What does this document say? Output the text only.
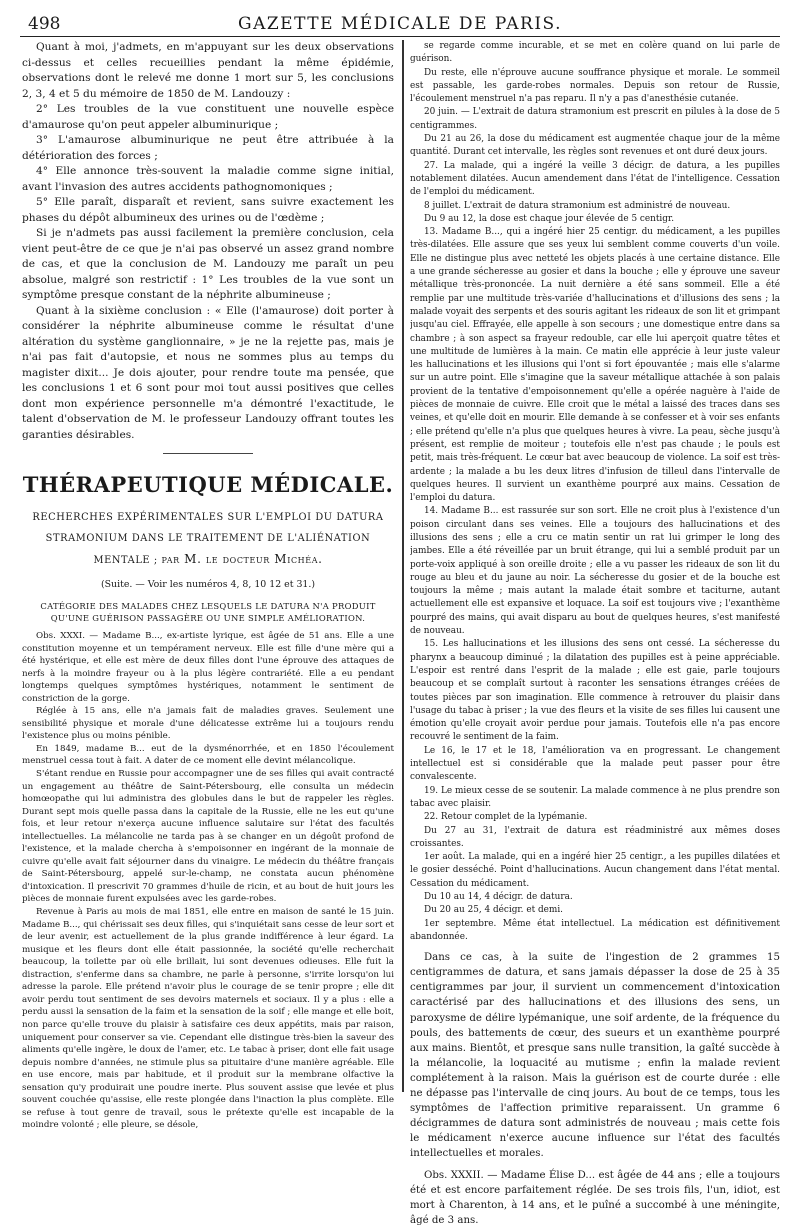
498	GAZETTE MÉDICALE DE PARIS.

Quant à moi, j'admets, en m'appuyant sur les deux observations ci-dessus et celles recueillies pendant la même épidémie, observations dont le relevé me donne 1 mort sur 5, les conclusions 2, 3, 4 et 5 du mémoire de 1850 de M. Landouzy :

2° Les troubles de la vue constituent une nouvelle espèce d'amaurose qu'on peut appeler albuminurique ;

3° L'amaurose albuminurique ne peut être attribuée à la détérioration des forces ;

4° Elle annonce très-souvent la maladie comme signe initial, avant l'invasion des autres accidents pathognomoniques ;

5° Elle paraît, disparaît et revient, sans suivre exactement les phases du dépôt albumineux des urines ou de l'œdème ;

Si je n'admets pas aussi facilement la première conclusion, cela vient peut-être de ce que je n'ai pas observé un assez grand nombre de cas, et que la conclusion de M. Landouzy me paraît un peu absolue, malgré son restrictif : 1° Les troubles de la vue sont un symptôme presque constant de la néphrite albumineuse ;

Quant à la sixième conclusion : « Elle (l'amaurose) doit porter à considérer la néphrite albumineuse comme le résultat d'une altération du système ganglionnaire, » je ne la rejette pas, mais je n'ai pas fait d'autopsie, et nous ne sommes plus au temps du magister dixit... Je dois ajouter, pour rendre toute ma pensée, que les conclusions 1 et 6 sont pour moi tout aussi positives que celles dont mon expérience personnelle m'a démontré l'exactitude, le talent d'observation de M. le professeur Landouzy offrant toutes les garanties désirables.

THÉRAPEUTIQUE MÉDICALE.
RECHERCHES EXPÉRIMENTALES SUR L'EMPLOI DU DATURA
STRAMONIUM DANS LE TRAITEMENT DE L'ALIÉNATION MENTALE ; par M. le docteur Michéa.
(Suite. — Voir les numéros 4, 8, 10 12 et 31.)
CATÉGORIE DES MALADES CHEZ LESQUELS LE DATURA N'A PRODUIT QU'UNE GUÉRISON PASSAGÈRE OU UNE SIMPLE AMÉLIORATION.

Obs. XXXI. — Madame B..., ex-artiste lyrique, est âgée de 51 ans. Elle a une constitution moyenne et un tempérament nerveux. Elle est fille d'une mère qui a été hystérique, et elle est mère de deux filles dont l'une éprouve des attaques de nerfs à la moindre frayeur ou à la plus légère contrariété. Elle a eu pendant longtemps quelques symptômes hystériques, notamment le sentiment de constriction de la gorge.

Réglée à 15 ans, elle n'a jamais fait de maladies graves. Seulement une sensibilité physique et morale d'une délicatesse extrême lui a toujours rendu l'existence plus ou moins pénible.

En 1849, madame B... eut de la dysménorrhée, et en 1850 l'écoulement menstruel cessa tout à fait. A dater de ce moment elle devint mélancolique.

S'étant rendue en Russie pour accompagner une de ses filles qui avait contracté un engagement au théâtre de Saint-Pétersbourg, elle consulta un médecin homœopathe qui lui administra des globules dans le but de rappeler les règles. Durant sept mois quelle passa dans la capitale de la Russie, elle ne les eut qu'une fois, et leur retour n'exerça aucune influence salutaire sur l'état des facultés intellectuelles. La mélancolie ne tarda pas à se changer en un dégoût profond de l'existence, et la malade chercha à s'empoisonner en ingérant de la monnaie de cuivre qu'elle avait fait séjourner dans du vinaigre. Le médecin du théâtre français de Saint-Pétersbourg, appelé sur-le-champ, ne constata aucun phénomène d'intoxication. Il prescrivit 70 grammes d'huile de ricin, et au bout de huit jours les pièces de monnaie furent expulsées avec les garde-robes.

Revenue à Paris au mois de mai 1851, elle entre en maison de santé le 15 juin. Madame B..., qui chérissait ses deux filles, qui s'inquiétait sans cesse de leur sort et de leur avenir, est actuellement de la plus grande indifférence à leur égard. La musique et les fleurs dont elle était passionnée, la société qu'elle recherchait beaucoup, la toilette par où elle brillait, lui sont devenues odieuses. Elle fuit la distraction, s'enferme dans sa chambre, ne parle à personne, s'irrite lorsqu'on lui adresse la parole. Elle prétend n'avoir plus le courage de se tenir propre ; elle dit avoir perdu tout sentiment de ses devoirs maternels et sociaux. Il y a plus : elle a perdu aussi la sensation de la faim et la sensation de la soif ; elle mange et elle boit, non parce qu'elle trouve du plaisir à satisfaire ces deux appétits, mais par raison, uniquement pour conserver sa vie. Cependant elle distingue très-bien la saveur des aliments qu'elle ingère, le doux de l'amer, etc. Le tabac à priser, dont elle fait usage depuis nombre d'années, ne stimule plus sa pituitaire d'une manière agréable. Elle en use encore, mais par habitude, et il produit sur la membrane olfactive la sensation qu'y produirait une poudre inerte. Plus souvent assise que levée et plus souvent couchée qu'assise, elle reste plongée dans l'inaction la plus complète. Elle se refuse à tout genre de travail, sous le prétexte qu'elle est incapable de la moindre volonté ; elle pleure, se désole,

se regarde comme incurable, et se met en colère quand on lui parle de guérison.

Du reste, elle n'éprouve aucune souffrance physique et morale. Le sommeil est passable, les garde-robes normales. Depuis son retour de Russie, l'écoulement menstruel n'a pas reparu. Il n'y a pas d'anesthésie cutanée.

20 juin. — L'extrait de datura stramonium est prescrit en pilules à la dose de 5 centigrammes.

Du 21 au 26, la dose du médicament est augmentée chaque jour de la même quantité. Durant cet intervalle, les règles sont revenues et ont duré deux jours.

27. La malade, qui a ingéré la veille 3 décigr. de datura, a les pupilles notablement dilatées. Aucun amendement dans l'état de l'intelligence. Cessation de l'emploi du médicament.

8 juillet. L'extrait de datura stramonium est administré de nouveau.

Du 9 au 12, la dose est chaque jour élevée de 5 centigr.

13. Madame B..., qui a ingéré hier 25 centigr. du médicament, a les pupilles très-dilatées. Elle assure que ses yeux lui semblent comme couverts d'un voile. Elle ne distingue plus avec netteté les objets placés à une certaine distance. Elle a une grande sécheresse au gosier et dans la bouche ; elle y éprouve une saveur métallique très-prononcée. La nuit dernière a été sans sommeil. Elle a été remplie par une multitude très-variée d'hallucinations et d'illusions des sens ; la malade voyait des serpents et des souris agitant les rideaux de son lit et grimpant jusqu'au ciel. Effrayée, elle appelle à son secours ; une domestique entre dans sa chambre ; à son aspect sa frayeur redouble, car elle lui aperçoit quatre têtes et une multitude de lumières à la main. Ce matin elle apprécie à leur juste valeur les hallucinations et les illusions qui l'ont si fort épouvantée ; mais elle s'alarme sur un autre point. Elle s'imagine que la saveur métallique attachée à son palais provient de la tentative d'empoisonnement qu'elle a opérée naguère à l'aide de pièces de monnaie de cuivre. Elle croit que le métal a laissé des traces dans ses veines, et qu'elle doit en mourir. Elle demande à se confesser et à voir ses enfants ; elle prétend qu'elle n'a plus que quelques heures à vivre. La peau, sèche jusqu'à présent, est remplie de moiteur ; toutefois elle n'est pas chaude ; le pouls est petit, mais très-fréquent. Le cœur bat avec beaucoup de violence. La soif est très-ardente ; la malade a bu les deux litres d'infusion de tilleul dans l'intervalle de quelques heures. Il survient un exanthème pourpré aux mains. Cessation de l'emploi du datura.

14. Madame B... est rassurée sur son sort. Elle ne croit plus à l'existence d'un poison circulant dans ses veines. Elle a toujours des hallucinations et des illusions des sens ; elle a cru ce matin sentir un rat lui grimper le long des jambes. Elle a été réveillée par un bruit étrange, qui lui a semblé produit par un porte-voix appliqué à son oreille droite ; elle a vu passer les rideaux de son lit du rouge au bleu et du jaune au noir. La sécheresse du gosier et de la bouche est toujours la même ; mais autant la malade était sombre et taciturne, autant actuellement elle est expansive et loquace. La soif est toujours vive ; l'exanthème pourpré des mains, qui avait disparu au bout de quelques heures, s'est manifesté de nouveau.

15. Les hallucinations et les illusions des sens ont cessé. La sécheresse du pharynx a beaucoup diminué ; la dilatation des pupilles est à peine appréciable. L'espoir est rentré dans l'esprit de la malade ; elle est gaie, parle toujours beaucoup et se complaît surtout à raconter les sensations étranges créées de toutes pièces par son imagination. Elle commence à retrouver du plaisir dans l'usage du tabac à priser ; la vue des fleurs et la visite de ses filles lui causent une émotion qu'elle croyait avoir perdue pour jamais. Toutefois elle n'a pas encore recouvré le sentiment de la faim.

Le 16, le 17 et le 18, l'amélioration va en progressant. Le changement intellectuel est si considérable que la malade peut passer pour être convalescente.

19. Le mieux cesse de se soutenir. La malade commence à ne plus prendre son tabac avec plaisir.

22. Retour complet de la lypémanie.

Du 27 au 31, l'extrait de datura est réadministré aux mêmes doses croissantes.

1er août. La malade, qui en a ingéré hier 25 centigr., a les pupilles dilatées et le gosier desséché. Point d'hallucinations. Aucun changement dans l'état mental. Cessation du médicament.

Du 10 au 14, 4 décigr. de datura.

Du 20 au 25, 4 décigr. et demi.

1er septembre. Même état intellectuel. La médication est définitivement abandonnée.

Dans ce cas, à la suite de l'ingestion de 2 grammes 15 centigrammes de datura, et sans jamais dépasser la dose de 25 à 35 centigrammes par jour, il survient un commencement d'intoxication caractérisé par des hallucinations et des illusions des sens, un paroxysme de délire lypémanique, une soif ardente, de la fréquence du pouls, des battements de cœur, des sueurs et un exanthème pourpré aux mains. Bientôt, et presque sans nulle transition, la gaîté succède à la mélancolie, la loquacité au mutisme ; enfin la malade revient complétement à la raison. Mais la guérison est de courte durée : elle ne dépasse pas l'intervalle de cinq jours. Au bout de ce temps, tous les symptômes de l'affection primitive reparaissent. Un gramme 6 décigrammes de datura sont administrés de nouveau ; mais cette fois le médicament n'exerce aucune influence sur l'état des facultés intellectuelles et morales.

Obs. XXXII. — Madame Élise D... est âgée de 44 ans ; elle a toujours été et est encore parfaitement réglée. De ses trois fils, l'un, idiot, est mort à Charenton, à 14 ans, et le puîné a succombé à une méningite, âgé de 3 ans.
